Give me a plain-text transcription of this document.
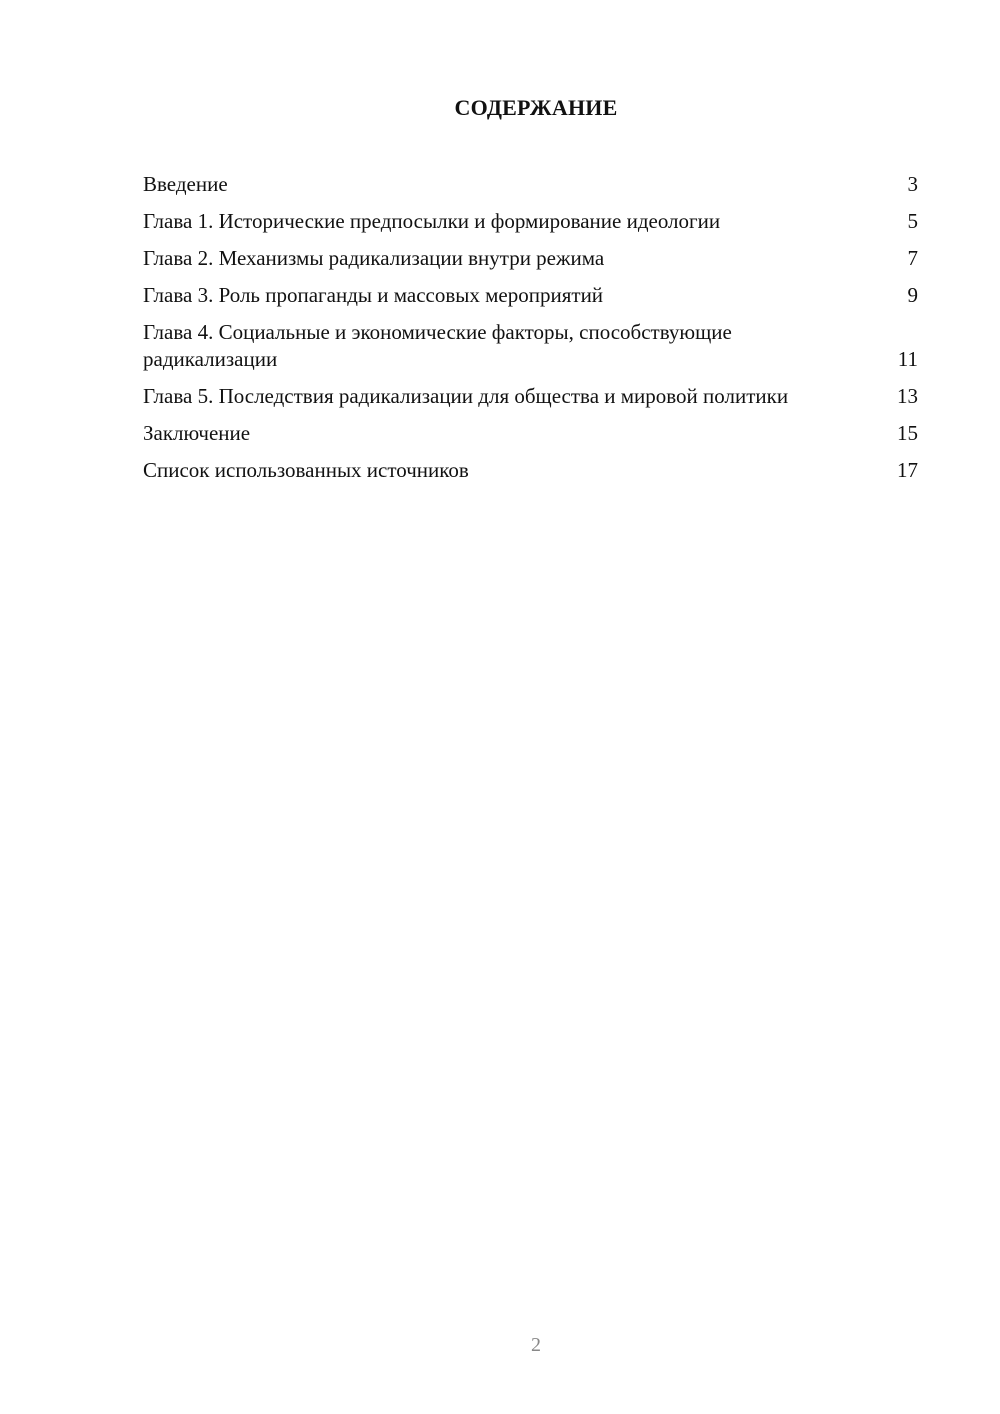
СОДЕРЖАНИЕ
Введение	3
Глава 1. Исторические предпосылки и формирование идеологии	5
Глава 2. Механизмы радикализации внутри режима	7
Глава 3. Роль пропаганды и массовых мероприятий	9
Глава 4. Социальные и экономические факторы, способствующие радикализации	11
Глава 5. Последствия радикализации для общества и мировой политики	13
Заключение	15
Список использованных источников	17
2
